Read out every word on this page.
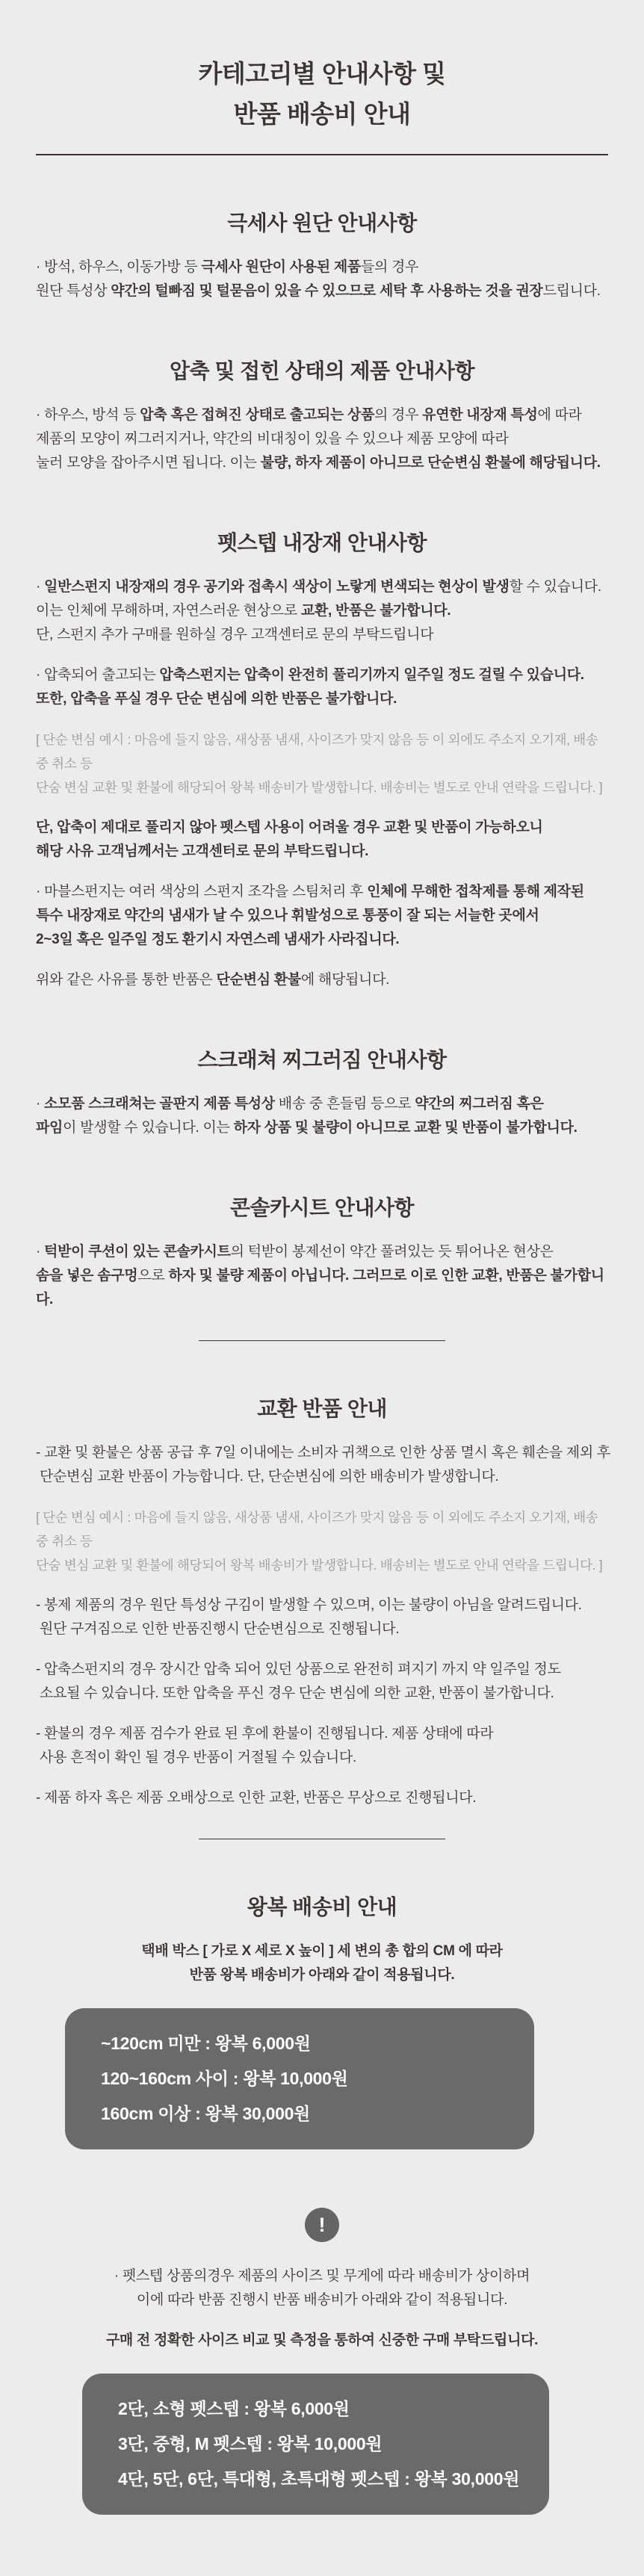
카테고리별 안내사항 및
반품 배송비 안내
극세사 원단 안내사항
· 방석, 하우스, 이동가방 등 극세사 원단이 사용된 제품들의 경우
원단 특성상 약간의 털빠짐 및 털묻음이 있을 수 있으므로 세탁 후 사용하는 것을 권장드립니다.
압축 및 접힌 상태의 제품 안내사항
· 하우스, 방석 등 압축 혹은 접혀진 상태로 출고되는 상품의 경우 유연한 내장재 특성에 따라
제품의 모양이 찌그러지거나, 약간의 비대칭이 있을 수 있으나 제품 모양에 따라
눌러 모양을 잡아주시면 됩니다. 이는 불량, 하자 제품이 아니므로 단순변심 환불에 해당됩니다.
펫스텝 내장재 안내사항
· 일반스펀지 내장재의 경우 공기와 접촉시 색상이 노랗게 변색되는 현상이 발생할 수 있습니다.
이는 인체에 무해하며, 자연스러운 현상으로 교환, 반품은 불가합니다.
단, 스펀지 추가 구매를 원하실 경우 고객센터로 문의 부탁드립니다
· 압축되어 출고되는 압축스펀지는 압축이 완전히 풀리기까지 일주일 정도 걸릴 수 있습니다.
또한, 압축을 푸실 경우 단순 변심에 의한 반품은 불가합니다.
[ 단순 변심 예시 : 마음에 들지 않음, 새상품 냄새, 사이즈가 맞지 않음 등 이 외에도 주소지 오기재, 배송 중 취소 등
단숨 변심 교환 및 환불에 해당되어 왕복 배송비가 발생합니다. 배송비는 별도로 안내 연락을 드립니다. ]
단, 압축이 제대로 풀리지 않아 펫스텝 사용이 어려울 경우 교환 및 반품이 가능하오니
해당 사유 고객님께서는 고객센터로 문의 부탁드립니다.
· 마블스펀지는 여러 색상의 스펀지 조각을 스팀처리 후 인체에 무해한 접착제를 통해 제작된
특수 내장재로 약간의 냄새가 날 수 있으나 휘발성으로 통풍이 잘 되는 서늘한 곳에서
2~3일 혹은 일주일 정도 환기시 자연스레 냄새가 사라집니다.
위와 같은 사유를 통한 반품은 단순변심 환불에 해당됩니다.
스크래쳐 찌그러짐 안내사항
· 소모품 스크래쳐는 골판지 제품 특성상 배송 중 흔들림 등으로 약간의 찌그러짐 혹은
파임이 발생할 수 있습니다. 이는 하자 상품 및 불량이 아니므로 교환 및 반품이 불가합니다.
콘솔카시트 안내사항
· 턱받이 쿠션이 있는 콘솔카시트의 턱받이 봉제선이 약간 풀려있는 듯 튀어나온 현상은
솜을 넣은 솜구멍으로 하자 및 불량 제품이 아닙니다. 그러므로 이로 인한 교환, 반품은 불가합니다.
교환 반품 안내
- 교환 및 환불은 상품 공급 후 7일 이내에는 소비자 귀책으로 인한 상품 멸시 혹은 훼손을 제외 후
단순변심 교환 반품이 가능합니다. 단, 단순변심에 의한 배송비가 발생합니다.
[ 단순 변심 예시 : 마음에 들지 않음, 새상품 냄새, 사이즈가 맞지 않음 등 이 외에도 주소지 오기재, 배송 중 취소 등
단숨 변심 교환 및 환불에 해당되어 왕복 배송비가 발생합니다. 배송비는 별도로 안내 연락을 드립니다. ]
- 봉제 제품의 경우 원단 특성상 구김이 발생할 수 있으며, 이는 불량이 아님을 알려드립니다.
원단 구겨짐으로 인한 반품진행시 단순변심으로 진행됩니다.
- 압축스펀지의 경우 장시간 압축 되어 있던 상품으로 완전히 펴지기 까지 약 일주일 정도
소요될 수 있습니다. 또한 압축을 푸신 경우 단순 변심에 의한 교환, 반품이 불가합니다.
- 환불의 경우 제품 검수가 완료 된 후에 환불이 진행됩니다. 제품 상태에 따라
사용 흔적이 확인 될 경우 반품이 거절될 수 있습니다.
- 제품 하자 혹은 제품 오배상으로 인한 교환, 반품은 무상으로 진행됩니다.
왕복 배송비 안내
택배 박스 [ 가로 X 세로 X 높이 ] 세 변의 총 합의 CM 에 따라
반품 왕복 배송비가 아래와 같이 적용됩니다.
~120cm 미만 : 왕복 6,000원
120~160cm 사이 : 왕복 10,000원
160cm 이상 : 왕복 30,000원
!
· 펫스텝 상품의경우 제품의 사이즈 및 무게에 따라 배송비가 상이하며
이에 따라 반품 진행시 반품 배송비가 아래와 같이 적용됩니다.
구매 전 정확한 사이즈 비교 및 측정을 통하여 신중한 구매 부탁드립니다.
2단, 소형 펫스텝 : 왕복 6,000원
3단, 중형, M 펫스텝 : 왕복 10,000원
4단, 5단, 6단, 특대형, 초특대형 펫스텝 : 왕복 30,000원
